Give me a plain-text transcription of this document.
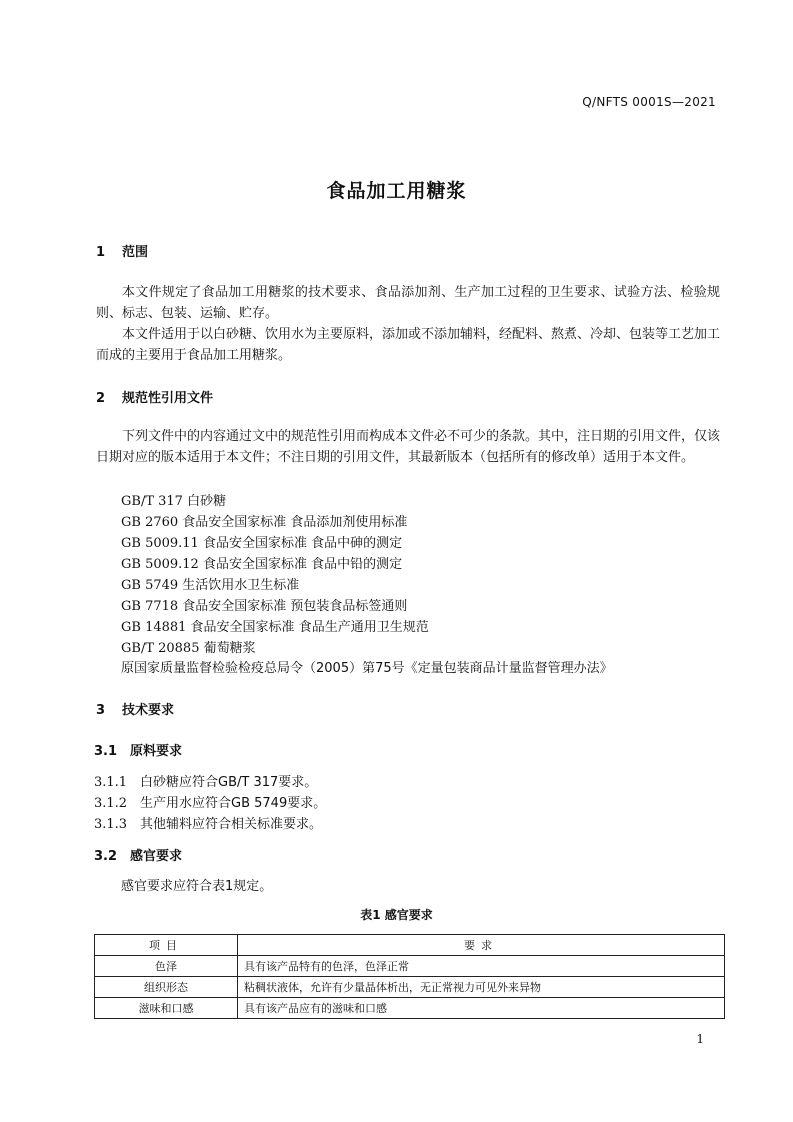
Q/NFTS 0001S—2021
食品加工用糖浆
1 范围
本文件规定了食品加工用糖浆的技术要求、食品添加剂、生产加工过程的卫生要求、试验方法、检验规则、标志、包装、运输、贮存。
本文件适用于以白砂糖、饮用水为主要原料，添加或不添加辅料，经配料、熬煮、冷却、包装等工艺加工而成的主要用于食品加工用糖浆。
2 规范性引用文件
下列文件中的内容通过文中的规范性引用而构成本文件必不可少的条款。其中，注日期的引用文件，仅该日期对应的版本适用于本文件；不注日期的引用文件，其最新版本（包括所有的修改单）适用于本文件。
GB/T 317 白砂糖
GB 2760 食品安全国家标准 食品添加剂使用标准
GB 5009.11 食品安全国家标准 食品中砷的测定
GB 5009.12 食品安全国家标准 食品中铅的测定
GB 5749 生活饮用水卫生标准
GB 7718 食品安全国家标准 预包装食品标签通则
GB 14881 食品安全国家标准 食品生产通用卫生规范
GB/T 20885 葡萄糖浆
原国家质量监督检验检疫总局令（2005）第75号《定量包装商品计量监督管理办法》
3 技术要求
3.1 原料要求
3.1.1 白砂糖应符合GB/T 317要求。
3.1.2 生产用水应符合GB 5749要求。
3.1.3 其他辅料应符合相关标准要求。
3.2 感官要求
感官要求应符合表1规定。
表1 感官要求
项目	要求
色泽	具有该产品特有的色泽，色泽正常
组织形态	粘稠状液体，允许有少量晶体析出，无正常视力可见外来异物
滋味和口感	具有该产品应有的滋味和口感
1
